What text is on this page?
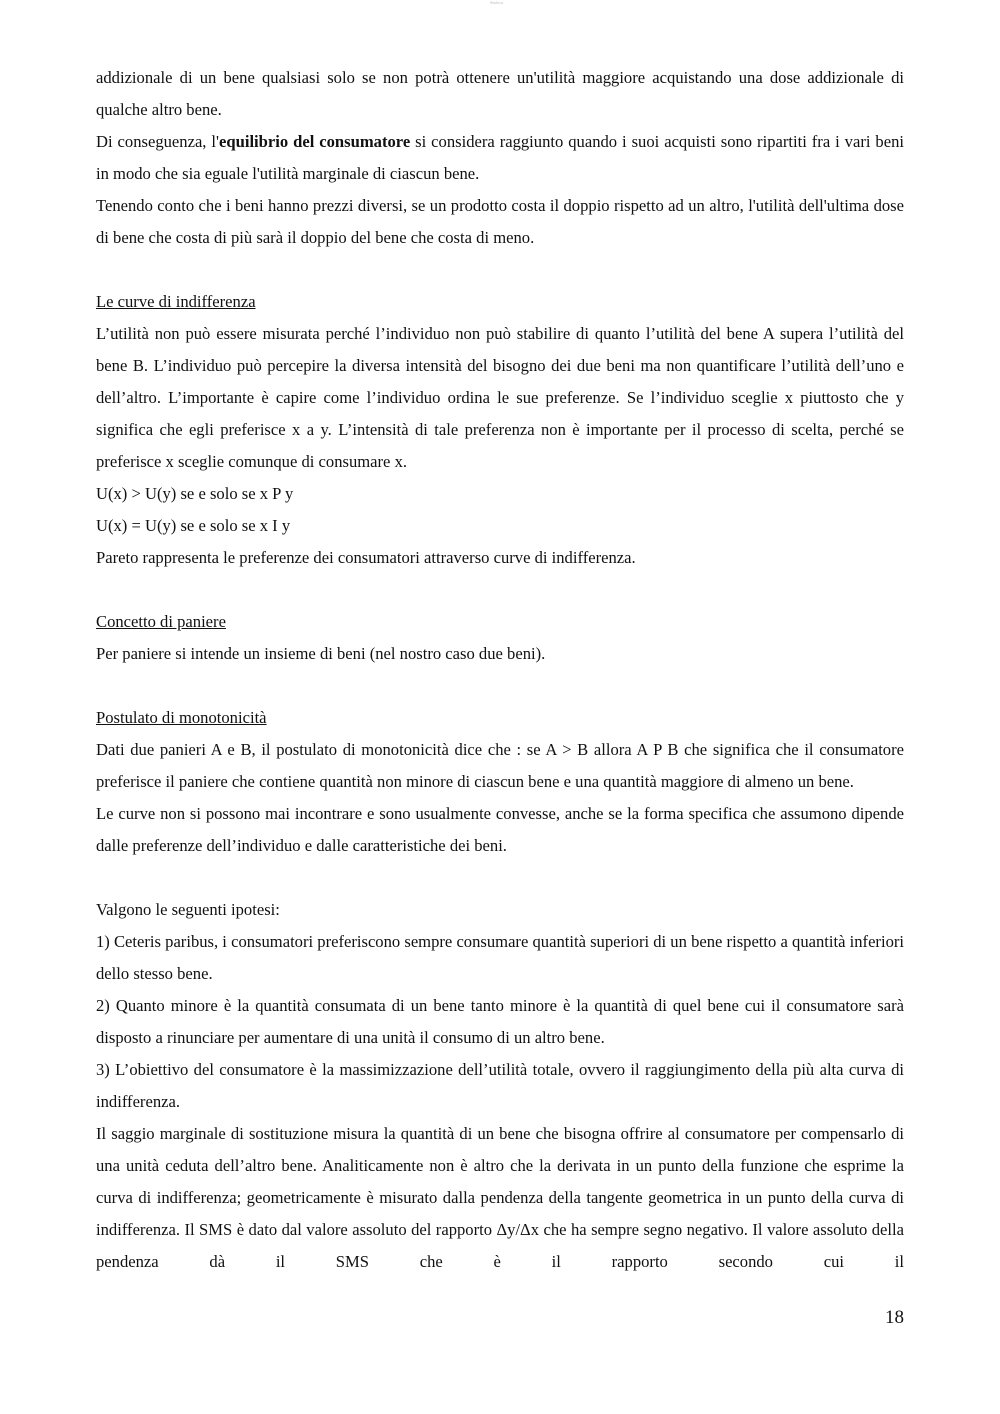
Studocu

addizionale di un bene qualsiasi solo se non potrà ottenere un'utilità maggiore acquistando una dose addizionale di qualche altro bene.

Di conseguenza, l'equilibrio del consumatore si considera raggiunto quando i suoi acquisti sono ripartiti fra i vari beni in modo che sia eguale l'utilità marginale di ciascun bene.

Tenendo conto che i beni hanno prezzi diversi, se un prodotto costa il doppio rispetto ad un altro, l'utilità dell'ultima dose di bene che costa di più sarà il doppio del bene che costa di meno.

Le curve di indifferenza

L’utilità non può essere misurata perché l’individuo non può stabilire di quanto l’utilità del bene A supera l’utilità del bene B. L’individuo può percepire la diversa intensità del bisogno dei due beni ma non quantificare l’utilità dell’uno e dell’altro. L’importante è capire come l’individuo ordina le sue preferenze. Se l’individuo sceglie x piuttosto che y significa che egli preferisce x a y. L’intensità di tale preferenza non è importante per il processo di scelta, perché se preferisce x sceglie comunque di consumare x.

U(x) > U(y) se e solo se x P y

U(x) = U(y) se e solo se x I y

Pareto rappresenta le preferenze dei consumatori attraverso curve di indifferenza.

Concetto di paniere

Per paniere si intende un insieme di beni (nel nostro caso due beni).

Postulato di monotonicità

Dati due panieri A e B, il postulato di monotonicità dice che : se A > B allora A P B che significa che il consumatore preferisce il paniere che contiene quantità non minore di ciascun bene e una quantità maggiore di almeno un bene.

Le curve non si possono mai incontrare e sono usualmente convesse, anche se la forma specifica che assumono dipende dalle preferenze dell’individuo e dalle caratteristiche dei beni.

Valgono le seguenti ipotesi:

1) Ceteris paribus, i consumatori preferiscono sempre consumare quantità superiori di un bene rispetto a quantità inferiori dello stesso bene.

2) Quanto minore è la quantità consumata di un bene tanto minore è la quantità di quel bene cui il consumatore sarà disposto a rinunciare per aumentare di una unità il consumo di un altro bene.

3) L’obiettivo del consumatore è la massimizzazione dell’utilità totale, ovvero il raggiungimento della più alta curva di indifferenza.

Il saggio marginale di sostituzione misura la quantità di un bene che bisogna offrire al consumatore per compensarlo di una unità ceduta dell’altro bene. Analiticamente non è altro che la derivata in un punto della funzione che esprime la curva di indifferenza; geometricamente è misurato dalla pendenza della tangente geometrica in un punto della curva di indifferenza. Il SMS è dato dal valore assoluto del rapporto Δy/Δx che ha sempre segno negativo. Il valore assoluto della pendenza dà il SMS che è il rapporto secondo cui il

18
